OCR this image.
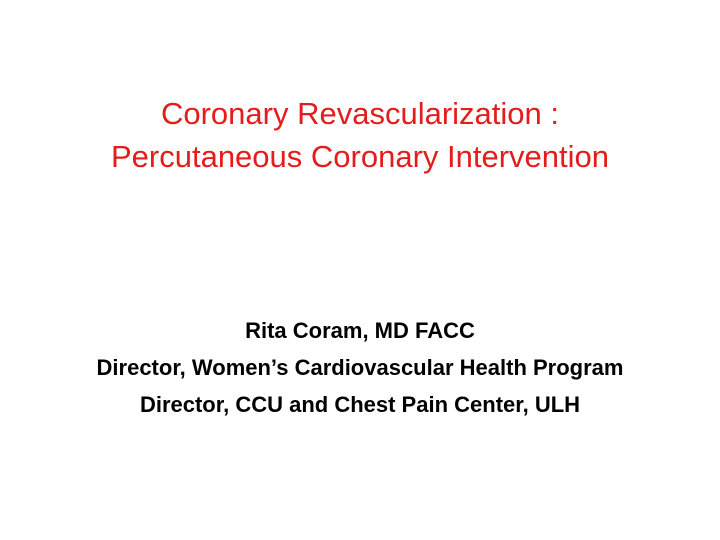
Coronary Revascularization :
Percutaneous Coronary Intervention
Rita Coram, MD FACC
Director, Women’s Cardiovascular Health Program
Director, CCU and Chest Pain Center, ULH
